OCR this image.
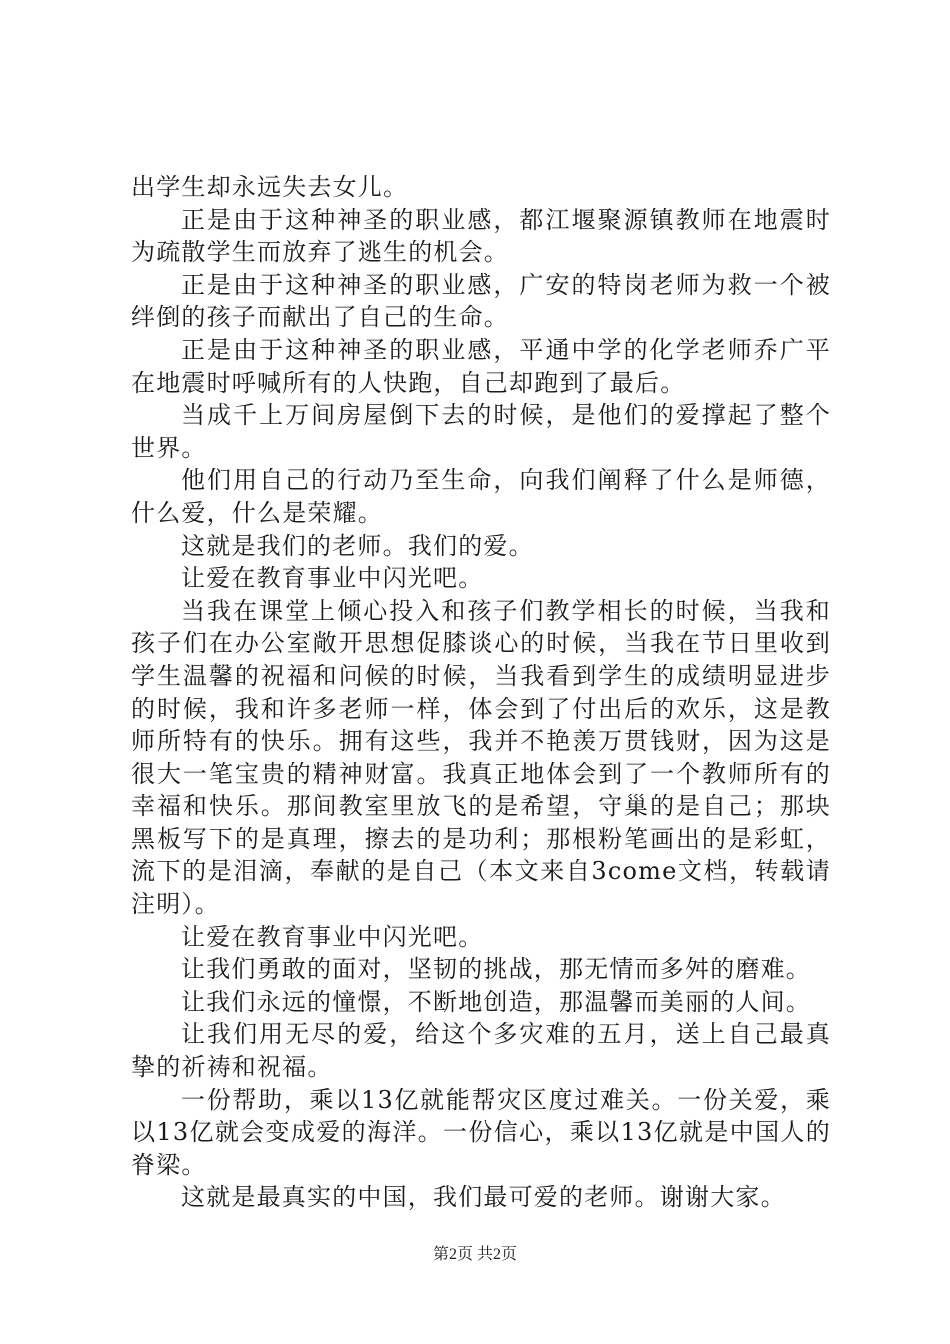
出学生却永远失去女儿。

正是由于这种神圣的职业感，都江堰聚源镇教师在地震时为疏散学生而放弃了逃生的机会。

正是由于这种神圣的职业感，广安的特岗老师为救一个被绊倒的孩子而献出了自己的生命。

正是由于这种神圣的职业感，平通中学的化学老师乔广平在地震时呼喊所有的人快跑，自己却跑到了最后。

当成千上万间房屋倒下去的时候，是他们的爱撑起了整个世界。

他们用自己的行动乃至生命，向我们阐释了什么是师德，什么爱，什么是荣耀。

这就是我们的老师。我们的爱。

让爱在教育事业中闪光吧。

当我在课堂上倾心投入和孩子们教学相长的时候，当我和孩子们在办公室敞开思想促膝谈心的时候，当我在节日里收到学生温馨的祝福和问候的时候，当我看到学生的成绩明显进步的时候，我和许多老师一样，体会到了付出后的欢乐，这是教师所特有的快乐。拥有这些，我并不艳羡万贯钱财，因为这是很大一笔宝贵的精神财富。我真正地体会到了一个教师所有的幸福和快乐。那间教室里放飞的是希望，守巢的是自己；那块黑板写下的是真理，擦去的是功利；那根粉笔画出的是彩虹，流下的是泪滴，奉献的是自己（本文来自3come文档，转载请注明）。

让爱在教育事业中闪光吧。

让我们勇敢的面对，坚韧的挑战，那无情而多舛的磨难。

让我们永远的憧憬，不断地创造，那温馨而美丽的人间。

让我们用无尽的爱，给这个多灾难的五月，送上自己最真挚的祈祷和祝福。

一份帮助，乘以13亿就能帮灾区度过难关。一份关爱，乘以13亿就会变成爱的海洋。一份信心，乘以13亿就是中国人的脊梁。

这就是最真实的中国，我们最可爱的老师。谢谢大家。

第2页 共2页
